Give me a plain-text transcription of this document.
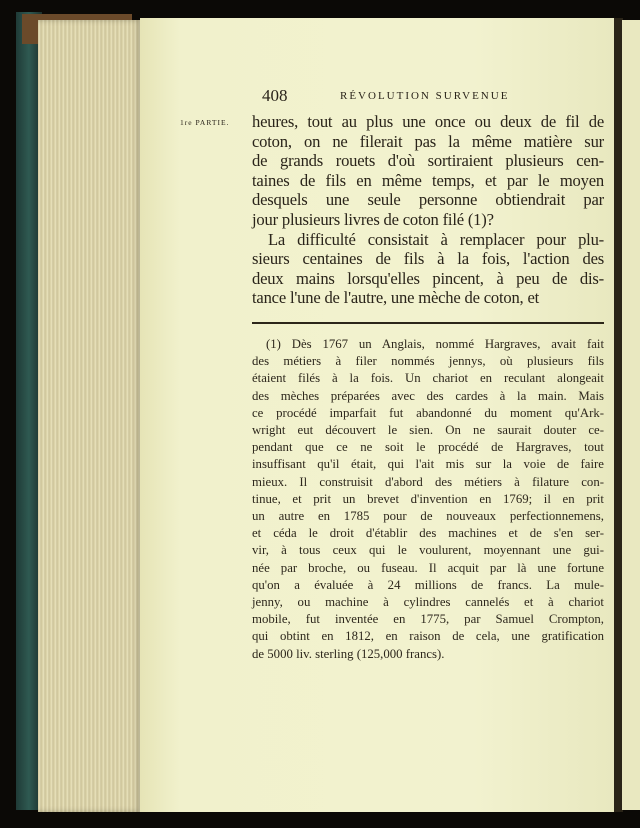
408	RÉVOLUTION SURVENUE
1re PARTIE. heures, tout au plus une once ou deux de fil de
coton, on ne filerait pas la même matière sur
de grands rouets d'où sortiraient plusieurs cen-
taines de fils en même temps, et par le moyen
desquels une seule personne obtiendrait par
jour plusieurs livres de coton filé (1)?
La difficulté consistait à remplacer pour plu-
sieurs centaines de fils à la fois, l'action des
deux mains lorsqu'elles pincent, à peu de dis-
tance l'une de l'autre, une mèche de coton, et
(1) Dès 1767 un Anglais, nommé Hargraves, avait fait
des métiers à filer nommés jennys, où plusieurs fils
étaient filés à la fois. Un chariot en reculant alongeait
des mèches préparées avec des cardes à la main. Mais
ce procédé imparfait fut abandonné du moment qu'Ark-
wright eut découvert le sien. On ne saurait douter ce-
pendant que ce ne soit le procédé de Hargraves, tout
insuffisant qu'il était, qui l'ait mis sur la voie de faire
mieux. Il construisit d'abord des métiers à filature con-
tinue, et prit un brevet d'invention en 1769; il en prit
un autre en 1785 pour de nouveaux perfectionnemens,
et céda le droit d'établir des machines et de s'en ser-
vir, à tous ceux qui le voulurent, moyennant une gui-
née par broche, ou fuseau. Il acquit par là une fortune
qu'on a évaluée à 24 millions de francs. La mule-
jenny, ou machine à cylindres cannelés et à chariot
mobile, fut inventée en 1775, par Samuel Crompton,
qui obtint en 1812, en raison de cela, une gratification
de 5000 liv. sterling (125,000 francs).
